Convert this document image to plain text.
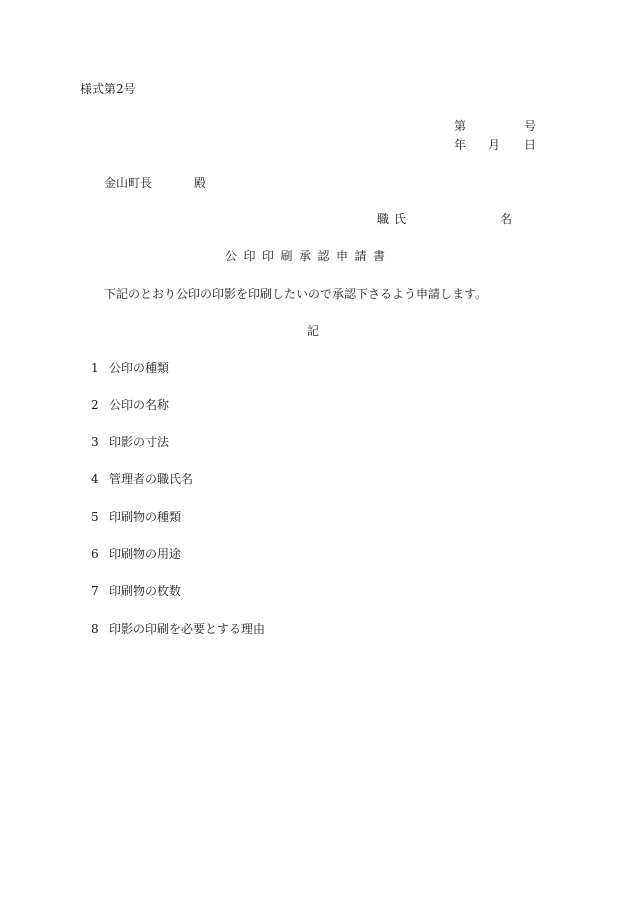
様式第2号
第	号
年 月 日
金山町長	殿
職氏	名
公印印刷承認申請書
下記のとおり公印の印影を印刷したいので承認下さるよう申請します。
記
1 公印の種類
2 公印の名称
3 印影の寸法
4 管理者の職氏名
5 印刷物の種類
6 印刷物の用途
7 印刷物の枚数
8 印影の印刷を必要とする理由
